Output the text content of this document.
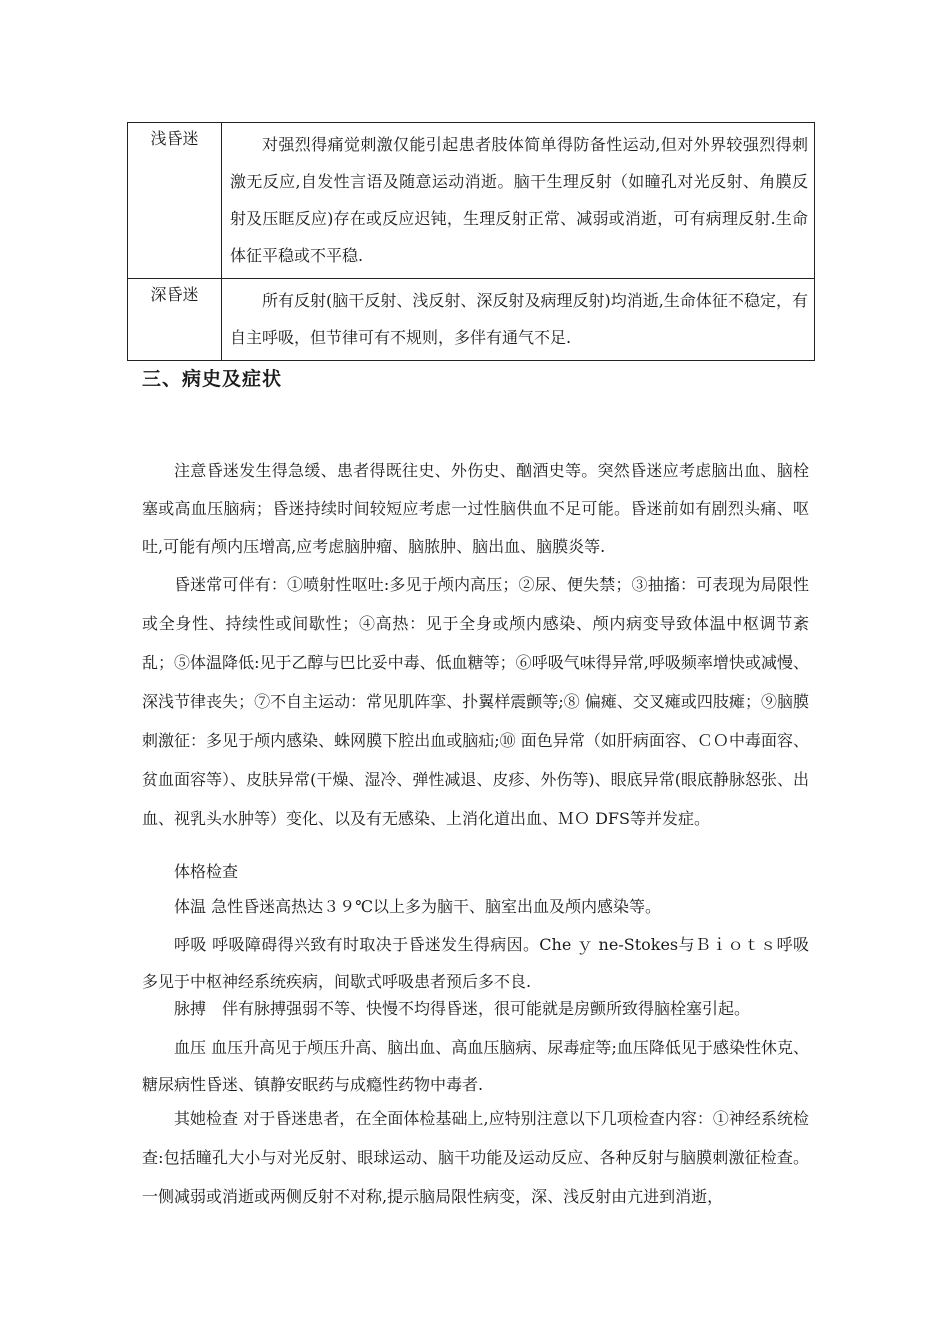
浅昏迷	对强烈得痛觉刺激仅能引起患者肢体简单得防备性运动,但对外界较强烈得刺激无反应,自发性言语及随意运动消逝。脑干生理反射（如瞳孔对光反射、角膜反射及压眶反应)存在或反应迟钝，生理反射正常、减弱或消逝，可有病理反射.生命体征平稳或不平稳.

深昏迷	所有反射(脑干反射、浅反射、深反射及病理反射)均消逝,生命体征不稳定，有自主呼吸，但节律可有不规则，多伴有通气不足.
三、病史及症状

注意昏迷发生得急缓、患者得既往史、外伤史、酗酒史等。突然昏迷应考虑脑出血、脑栓塞或高血压脑病；昏迷持续时间较短应考虑一过性脑供血不足可能。昏迷前如有剧烈头痛、呕吐,可能有颅内压增高,应考虑脑肿瘤、脑脓肿、脑出血、脑膜炎等.

昏迷常可伴有：①喷射性呕吐:多见于颅内高压；②尿、便失禁；③抽搐：可表现为局限性或全身性、持续性或间歇性；④高热：见于全身或颅内感染、颅内病变导致体温中枢调节紊乱；⑤体温降低:见于乙醇与巴比妥中毒、低血糖等；⑥呼吸气味得异常,呼吸频率增快或减慢、深浅节律丧失；⑦不自主运动：常见肌阵挛、扑翼样震颤等;⑧ 偏瘫、交叉瘫或四肢瘫；⑨脑膜刺激征：多见于颅内感染、蛛网膜下腔出血或脑疝;⑩ 面色异常（如肝病面容、ＣＯ中毒面容、贫血面容等）、皮肤异常(干燥、湿冷、弹性减退、皮疹、外伤等)、眼底异常(眼底静脉怒张、出血、视乳头水肿等）变化、以及有无感染、上消化道出血、ＭＯ DFS等并发症。

体格检查

体温 急性昏迷高热达３９℃以上多为脑干、脑室出血及颅内感染等。

呼吸 呼吸障碍得兴致有时取决于昏迷发生得病因。Che ｙ ne-Stokes与Ｂｉｏｔｓ呼吸多见于中枢神经系统疾病，间歇式呼吸患者预后多不良.

脉搏　伴有脉搏强弱不等、快慢不均得昏迷，很可能就是房颤所致得脑栓塞引起。

血压 血压升高见于颅压升高、脑出血、高血压脑病、尿毒症等;血压降低见于感染性休克、糖尿病性昏迷、镇静安眠药与成瘾性药物中毒者.

其她检查 对于昏迷患者，在全面体检基础上,应特别注意以下几项检查内容：①神经系统检查:包括瞳孔大小与对光反射、眼球运动、脑干功能及运动反应、各种反射与脑膜刺激征检查。一侧减弱或消逝或两侧反射不对称,提示脑局限性病变，深、浅反射由亢进到消逝，
